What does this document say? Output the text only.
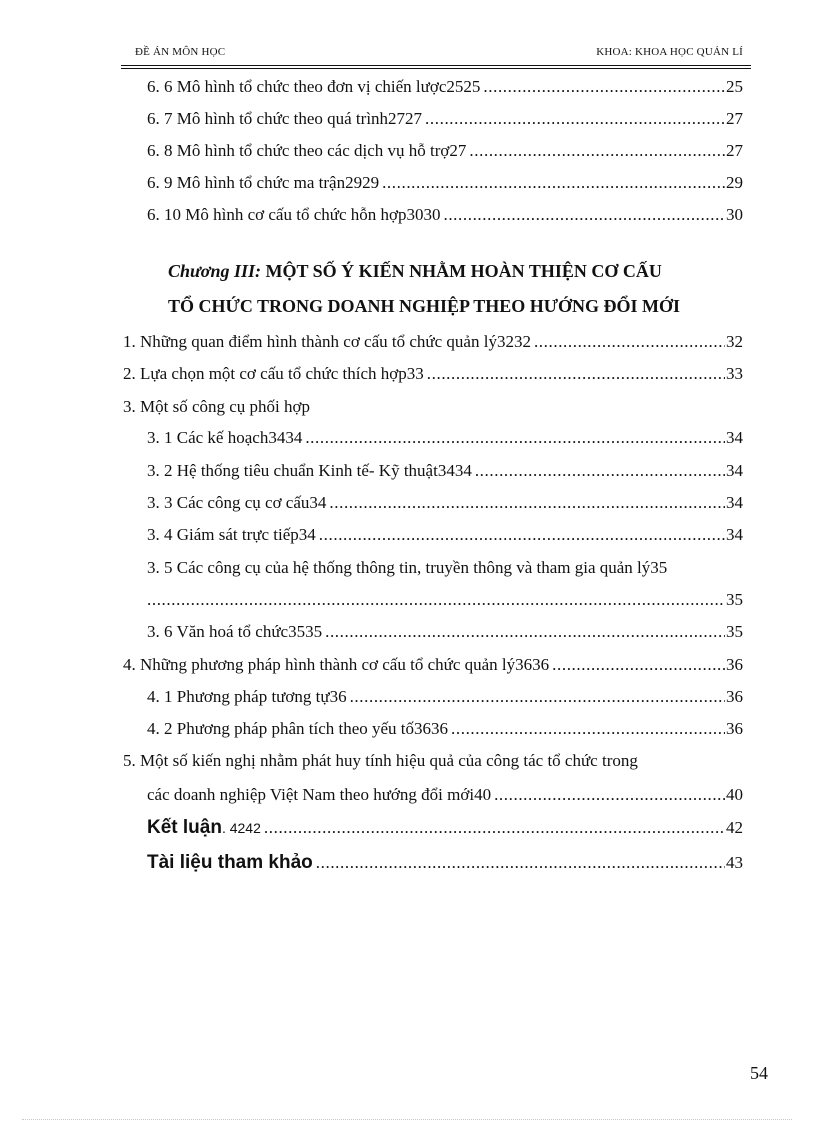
ĐỀ ÁN MÔN HỌC	KHOA: KHOA HỌC QUẢN LÍ
6. 6 Mô hình tổ chức theo đơn vị chiến lược2525 .....	25
6. 7 Mô hình tổ chức theo quá trình2727 .....	27
6. 8 Mô hình tổ chức theo các dịch vụ hỗ trợ27 .....	27
6. 9 Mô hình tổ chức ma trận2929 .....	29
6. 10 Mô hình cơ cấu tổ chức hỗn hợp3030 .....	30
Chương III: MỘT SỐ Ý KIẾN NHẰM HOÀN THIỆN CƠ CẤU
TỔ CHỨC TRONG DOANH NGHIỆP THEO HƯỚNG ĐỔI MỚI
1. Những quan điểm hình thành cơ cấu tổ chức quản lý3232 .....	32
2. Lựa chọn một cơ cấu tổ chức thích hợp33 .....	33
3. Một số công cụ phối hợp
3. 1 Các kế hoạch3434 .....	34
3. 2 Hệ thống tiêu chuẩn Kinh tế- Kỹ thuật3434 .....	34
3. 3 Các công cụ cơ cấu34 .....	34
3. 4 Giám sát trực tiếp34 .....	34
3. 5 Các công cụ của hệ thống thông tin, truyền thông và tham gia quản lý35
.....
35
3. 6 Văn hoá tổ chức3535 .....	35
4. Những phương pháp hình thành cơ cấu tổ chức quản lý3636 .....	36
4. 1 Phương pháp tương tự36 .....	36
4. 2 Phương pháp phân tích theo yếu tố3636 .....	36
5. Một số kiến nghị nhằm phát huy tính hiệu quả của công tác tổ chức trong
các doanh nghiệp Việt Nam theo hướng đổi mới40 .....	40
Kết luận . 4242 .....	42
Tài liệu tham khảo .....	43
54
